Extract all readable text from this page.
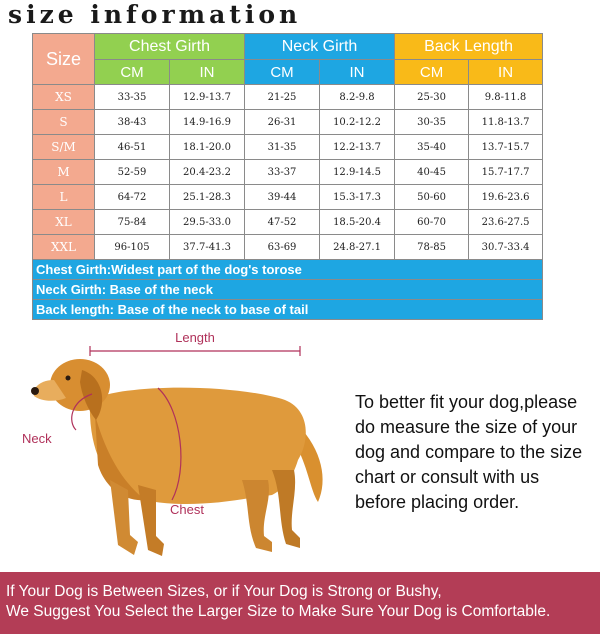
size information
Size	Chest Girth		Neck Girth		Back Length	
	CM	IN	CM	IN	CM	IN
XS	33-35	12.9-13.7	21-25	8.2-9.8	25-30	9.8-11.8
S	38-43	14.9-16.9	26-31	10.2-12.2	30-35	11.8-13.7
S/M	46-51	18.1-20.0	31-35	12.2-13.7	35-40	13.7-15.7
M	52-59	20.4-23.2	33-37	12.9-14.5	40-45	15.7-17.7
L	64-72	25.1-28.3	39-44	15.3-17.3	50-60	19.6-23.6
XL	75-84	29.5-33.0	47-52	18.5-20.4	60-70	23.6-27.5
XXL	96-105	37.7-41.3	63-69	24.8-27.1	78-85	30.7-33.4
Chest Girth:Widest part of the dog's torose						
Neck Girth: Base of the neck						
Back length: Base of the neck to base of tail						
Length
Neck
Chest
To better fit your dog,please do measure the size of your dog and compare to the size chart or consult with us before placing order.
If Your Dog is Between Sizes, or if Your Dog is Strong or Bushy,
We Suggest You Select the Larger Size to Make Sure Your Dog is Comfortable.
